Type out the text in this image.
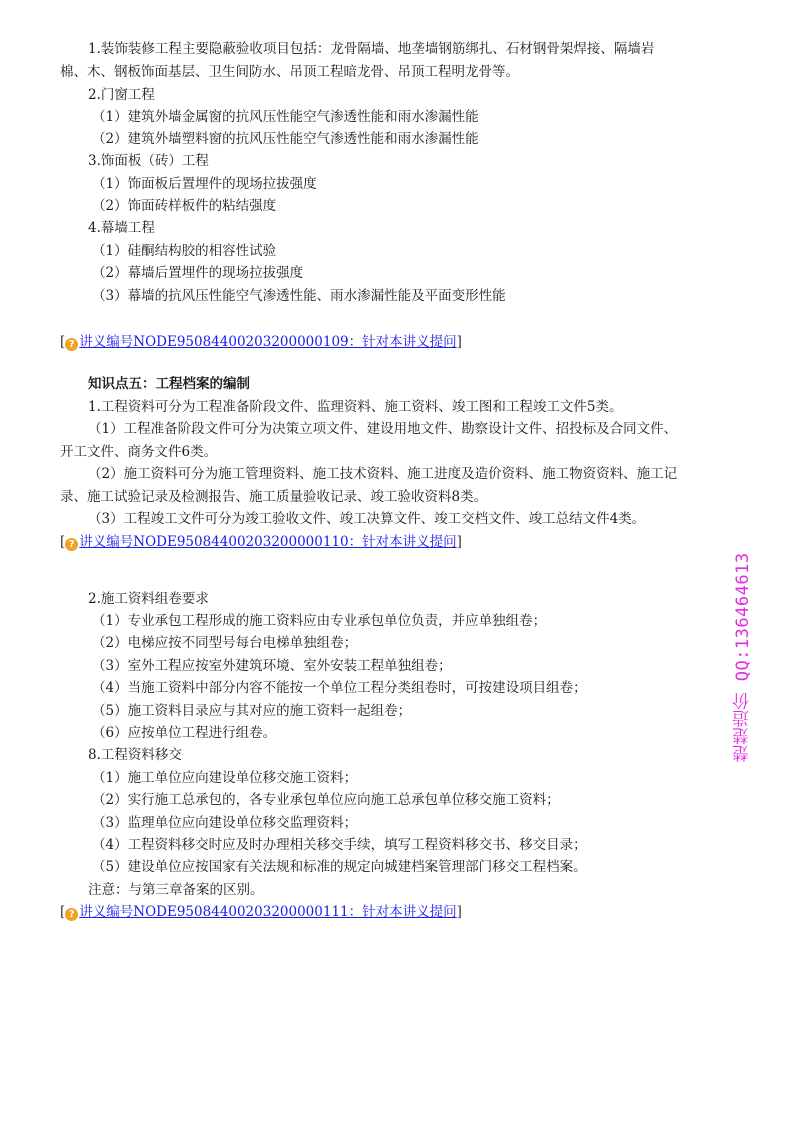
1.装饰装修工程主要隐蔽验收项目包括：龙骨隔墙、地垄墙钢筋绑扎、石材钢骨架焊接、隔墙岩
棉、木、钢板饰面基层、卫生间防水、吊顶工程暗龙骨、吊顶工程明龙骨等。
2.门窗工程
（1）建筑外墙金属窗的抗风压性能空气渗透性能和雨水渗漏性能
（2）建筑外墙塑料窗的抗风压性能空气渗透性能和雨水渗漏性能
3.饰面板（砖）工程
（1）饰面板后置埋件的现场拉拔强度
（2）饰面砖样板件的粘结强度
4.幕墙工程
（1）硅酮结构胶的相容性试验
（2）幕墙后置埋件的现场拉拔强度
（3）幕墙的抗风压性能空气渗透性能、雨水渗漏性能及平面变形性能
[ ? 讲义编号NODE95084400203200000109：针对本讲义提问]
知识点五：工程档案的编制
1.工程资料可分为工程准备阶段文件、监理资料、施工资料、竣工图和工程竣工文件5类。
（1）工程准备阶段文件可分为决策立项文件、建设用地文件、勘察设计文件、招投标及合同文件、
开工文件、商务文件6类。
（2）施工资料可分为施工管理资料、施工技术资料、施工进度及造价资料、施工物资资料、施工记
录、施工试验记录及检测报告、施工质量验收记录、竣工验收资料8类。
（3）工程竣工文件可分为竣工验收文件、竣工决算文件、竣工交档文件、竣工总结文件4类。
[ ? 讲义编号NODE95084400203200000110：针对本讲义提问]
2.施工资料组卷要求
（1）专业承包工程形成的施工资料应由专业承包单位负责，并应单独组卷；
（2）电梯应按不同型号每台电梯单独组卷；
（3）室外工程应按室外建筑环境、室外安装工程单独组卷；
（4）当施工资料中部分内容不能按一个单位工程分类组卷时，可按建设项目组卷；
（5）施工资料目录应与其对应的施工资料一起组卷；
（6）应按单位工程进行组卷。
8.工程资料移交
（1）施工单位应向建设单位移交施工资料；
（2）实行施工总承包的，各专业承包单位应向施工总承包单位移交施工资料；
（3）监理单位应向建设单位移交监理资料；
（4）工程资料移交时应及时办理相关移交手续，填写工程资料移交书、移交目录；
（5）建设单位应按国家有关法规和标准的规定向城建档案管理部门移交工程档案。
注意：与第三章备案的区别。
[ ? 讲义编号NODE95084400203200000111：针对本讲义提问]
楚楚造价 QQ:136464613
